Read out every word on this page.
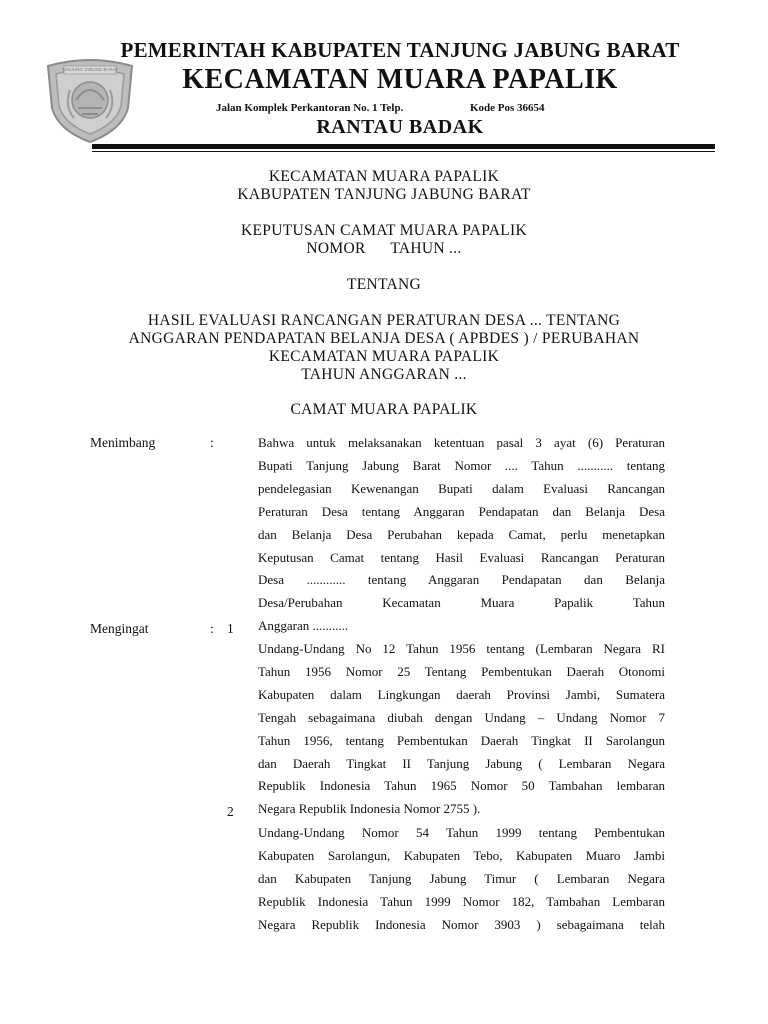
TANJUNG JABUNG BARAT
PEMERINTAH KABUPATEN TANJUNG JABUNG BARAT
KECAMATAN MUARA PAPALIK
Jalan Komplek Perkantoran No. 1 Telp.	Kode Pos 36654
RANTAU BADAK
KECAMATAN MUARA PAPALIK
KABUPATEN TANJUNG JABUNG BARAT
KEPUTUSAN CAMAT MUARA PAPALIK
NOMOR      TAHUN ...
TENTANG
HASIL EVALUASI RANCANGAN PERATURAN DESA ... TENTANG
ANGGARAN PENDAPATAN BELANJA DESA ( APBDES ) / PERUBAHAN
KECAMATAN MUARA PAPALIK
TAHUN ANGGARAN ...
CAMAT MUARA PAPALIK
Menimbang	:	Bahwa untuk melaksanakan ketentuan pasal 3 ayat (6) Peraturan
Bupati Tanjung Jabung Barat Nomor .... Tahun ........... tentang
pendelegasian Kewenangan Bupati dalam Evaluasi Rancangan
Peraturan Desa tentang Anggaran Pendapatan dan Belanja Desa
dan Belanja Desa Perubahan kepada Camat, perlu menetapkan
Keputusan Camat tentang Hasil Evaluasi Rancangan Peraturan
Desa ............ tentang Anggaran Pendapatan dan Belanja
Desa/Perubahan Kecamatan Muara Papalik Tahun
Anggaran ...........
Mengingat	: 1
Undang-Undang No 12 Tahun 1956 tentang (Lembaran Negara RI
Tahun 1956 Nomor 25 Tentang Pembentukan Daerah Otonomi
Kabupaten dalam Lingkungan daerah Provinsi Jambi, Sumatera
Tengah sebagaimana diubah dengan Undang – Undang Nomor 7
Tahun 1956, tentang Pembentukan Daerah Tingkat II Sarolangun
dan Daerah Tingkat II Tanjung Jabung ( Lembaran Negara
Republik Indonesia Tahun 1965 Nomor 50 Tambahan lembaran
Negara Republik Indonesia Nomor 2755 ).
2
Undang-Undang Nomor 54 Tahun 1999 tentang Pembentukan
Kabupaten Sarolangun, Kabupaten Tebo, Kabupaten Muaro Jambi
dan Kabupaten Tanjung Jabung Timur ( Lembaran Negara
Republik Indonesia Tahun 1999 Nomor 182, Tambahan Lembaran
Negara Republik Indonesia Nomor 3903 ) sebagaimana telah
